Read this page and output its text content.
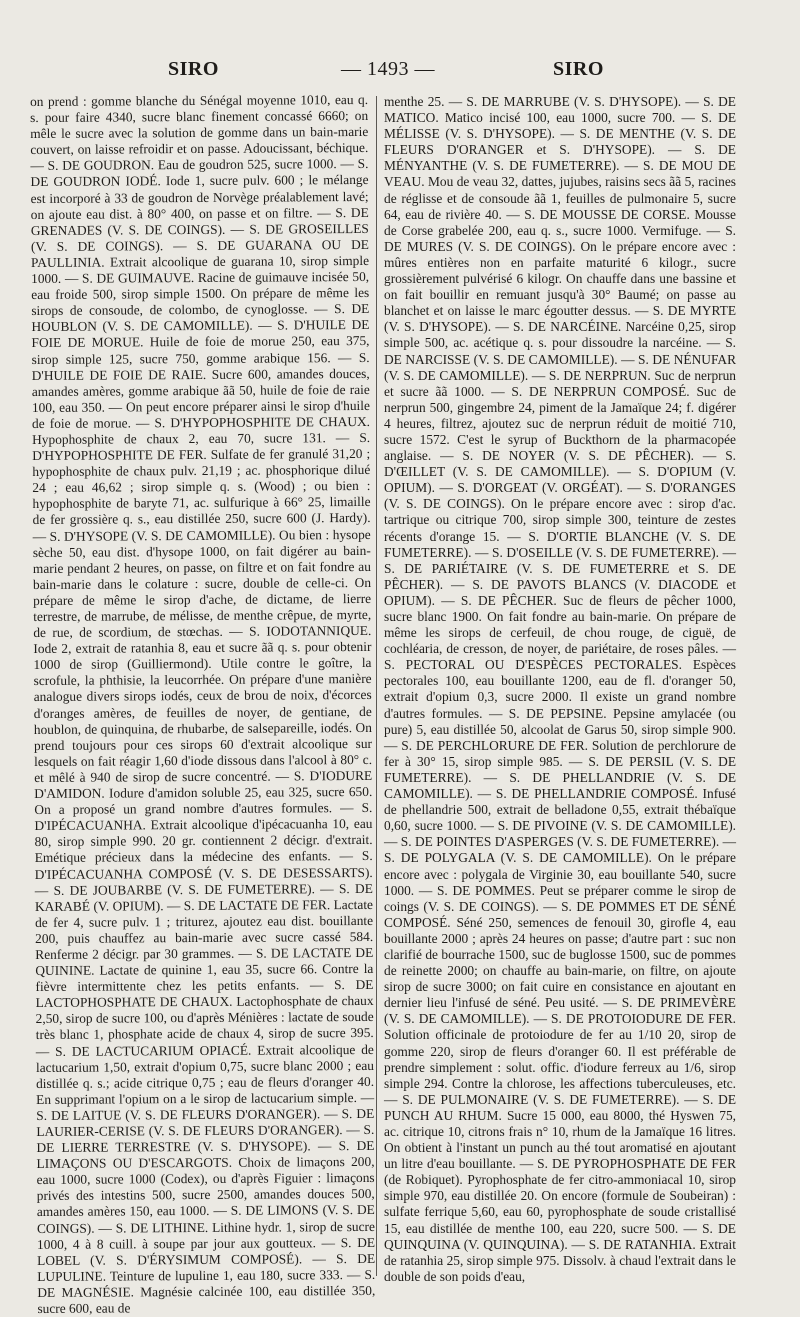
SIRO	— 1493 —	SIRO

on prend : gomme blanche du Sénégal moyenne 1010, eau q. s. pour faire 4340, sucre blanc finement concassé 6660; on mêle le sucre avec la solution de gomme dans un bain-marie couvert, on laisse refroidir et on passe. Adoucissant, béchique. — S. DE GOUDRON. Eau de goudron 525, sucre 1000. — S. DE GOUDRON IODÉ. Iode 1, sucre pulv. 600 ; le mélange est incorporé à 33 de goudron de Norvège préalablement lavé; on ajoute eau dist. à 80° 400, on passe et on filtre. — S. DE GRENADES (V. S. DE COINGS). — S. DE GROSEILLES (V. S. DE COINGS). — S. DE GUARANA OU DE PAULLINIA. Extrait alcoolique de guarana 10, sirop simple 1000. — S. DE GUIMAUVE. Racine de guimauve incisée 50, eau froide 500, sirop simple 1500. On prépare de même les sirops de consoude, de colombo, de cynoglosse. — S. DE HOUBLON (V. S. DE CAMOMILLE). — S. D'HUILE DE FOIE DE MORUE. Huile de foie de morue 250, eau 375, sirop simple 125, sucre 750, gomme arabique 156. — S. D'HUILE DE FOIE DE RAIE. Sucre 600, amandes douces, amandes amères, gomme arabique ãã 50, huile de foie de raie 100, eau 350. — On peut encore préparer ainsi le sirop d'huile de foie de morue. — S. D'HYPOPHOSPHITE DE CHAUX. Hypophosphite de chaux 2, eau 70, sucre 131. — S. D'HYPOPHOSPHITE DE FER. Sulfate de fer granulé 31,20 ; hypophosphite de chaux pulv. 21,19 ; ac. phosphorique dilué 24 ; eau 46,62 ; sirop simple q. s. (Wood) ; ou bien : hypophosphite de baryte 71, ac. sulfurique à 66° 25, limaille de fer grossière q. s., eau distillée 250, sucre 600 (J. Hardy). — S. D'HYSOPE (V. S. DE CAMOMILLE). Ou bien : hysope sèche 50, eau dist. d'hysope 1000, on fait digérer au bain-marie pendant 2 heures, on passe, on filtre et on fait fondre au bain-marie dans le colature : sucre, double de celle-ci. On prépare de même le sirop d'ache, de dictame, de lierre terrestre, de marrube, de mélisse, de menthe crêpue, de myrte, de rue, de scordium, de stœchas. — S. IODOTANNIQUE. Iode 2, extrait de ratanhia 8, eau et sucre ãã q. s. pour obtenir 1000 de sirop (Guilliermond). Utile contre le goître, la scrofule, la phthisie, la leucorrhée. On prépare d'une manière analogue divers sirops iodés, ceux de brou de noix, d'écorces d'oranges amères, de feuilles de noyer, de gentiane, de houblon, de quinquina, de rhubarbe, de salsepareille, iodés. On prend toujours pour ces sirops 60 d'extrait alcoolique sur lesquels on fait réagir 1,60 d'iode dissous dans l'alcool à 80° c. et mêlé à 940 de sirop de sucre concentré. — S. D'IODURE D'AMIDON. Iodure d'amidon soluble 25, eau 325, sucre 650. On a proposé un grand nombre d'autres formules. — S. D'IPÉCACUANHA. Extrait alcoolique d'ipécacuanha 10, eau 80, sirop simple 990. 20 gr. contiennent 2 décigr. d'extrait. Emétique précieux dans la médecine des enfants. — S. D'IPÉCACUANHA COMPOSÉ (V. S. DE DESESSARTS). — S. DE JOUBARBE (V. S. DE FUMETERRE). — S. DE KARABÉ (V. OPIUM). — S. DE LACTATE DE FER. Lactate de fer 4, sucre pulv. 1 ; triturez, ajoutez eau dist. bouillante 200, puis chauffez au bain-marie avec sucre cassé 584. Renferme 2 décigr. par 30 grammes. — S. DE LACTATE DE QUININE. Lactate de quinine 1, eau 35, sucre 66. Contre la fièvre intermittente chez les petits enfants. — S. DE LACTOPHOSPHATE DE CHAUX. Lactophosphate de chaux 2,50, sirop de sucre 100, ou d'après Ménières : lactate de soude très blanc 1, phosphate acide de chaux 4, sirop de sucre 395. — S. DE LACTUCARIUM OPIACÉ. Extrait alcoolique de lactucarium 1,50, extrait d'opium 0,75, sucre blanc 2000 ; eau distillée q. s.; acide citrique 0,75 ; eau de fleurs d'oranger 40. En supprimant l'opium on a le sirop de lactucarium simple. — S. DE LAITUE (V. S. DE FLEURS D'ORANGER). — S. DE LAURIER-CERISE (V. S. DE FLEURS D'ORANGER). — S. DE LIERRE TERRESTRE (V. S. D'HYSOPE). — S. DE LIMAÇONS OU D'ESCARGOTS. Choix de limaçons 200, eau 1000, sucre 1000 (Codex), ou d'après Figuier : limaçons privés des intestins 500, sucre 2500, amandes douces 500, amandes amères 150, eau 1000. — S. DE LIMONS (V. S. DE COINGS). — S. DE LITHINE. Lithine hydr. 1, sirop de sucre 1000, 4 à 8 cuill. à soupe par jour aux goutteux. — S. DE LOBEL (V. S. D'ÉRYSIMUM COMPOSÉ). — S. DE LUPULINE. Teinture de lupuline 1, eau 180, sucre 333. — S. DE MAGNÉSIE. Magnésie calcinée 100, eau distillée 350, sucre 600, eau de

menthe 25. — S. DE MARRUBE (V. S. D'HYSOPE). — S. DE MATICO. Matico incisé 100, eau 1000, sucre 700. — S. DE MÉLISSE (V. S. D'HYSOPE). — S. DE MENTHE (V. S. DE FLEURS D'ORANGER et S. D'HYSOPE). — S. DE MÉNYANTHE (V. S. DE FUMETERRE). — S. DE MOU DE VEAU. Mou de veau 32, dattes, jujubes, raisins secs ãã 5, racines de réglisse et de consoude ãã 1, feuilles de pulmonaire 5, sucre 64, eau de rivière 40. — S. DE MOUSSE DE CORSE. Mousse de Corse grabelée 200, eau q. s., sucre 1000. Vermifuge. — S. DE MURES (V. S. DE COINGS). On le prépare encore avec : mûres entières non en parfaite maturité 6 kilogr., sucre grossièrement pulvérisé 6 kilogr. On chauffe dans une bassine et on fait bouillir en remuant jusqu'à 30° Baumé; on passe au blanchet et on laisse le marc égoutter dessus. — S. DE MYRTE (V. S. D'HYSOPE). — S. DE NARCÉINE. Narcéine 0,25, sirop simple 500, ac. acétique q. s. pour dissoudre la narcéine. — S. DE NARCISSE (V. S. DE CAMOMILLE). — S. DE NÉNUFAR (V. S. DE CAMOMILLE). — S. DE NERPRUN. Suc de nerprun et sucre ãã 1000. — S. DE NERPRUN COMPOSÉ. Suc de nerprun 500, gingembre 24, piment de la Jamaïque 24; f. digérer 4 heures, filtrez, ajoutez suc de nerprun réduit de moitié 710, sucre 1572. C'est le syrup of Buckthorn de la pharmacopée anglaise. — S. DE NOYER (V. S. DE PÊCHER). — S. D'ŒILLET (V. S. DE CAMOMILLE). — S. D'OPIUM (V. OPIUM). — S. D'ORGEAT (V. ORGÉAT). — S. D'ORANGES (V. S. DE COINGS). On le prépare encore avec : sirop d'ac. tartrique ou citrique 700, sirop simple 300, teinture de zestes récents d'orange 15. — S. D'ORTIE BLANCHE (V. S. DE FUMETERRE). — S. D'OSEILLE (V. S. DE FUMETERRE). — S. DE PARIÉTAIRE (V. S. DE FUMETERRE et S. DE PÊCHER). — S. DE PAVOTS BLANCS (V. DIACODE et OPIUM). — S. DE PÊCHER. Suc de fleurs de pêcher 1000, sucre blanc 1900. On fait fondre au bain-marie. On prépare de même les sirops de cerfeuil, de chou rouge, de ciguë, de cochléaria, de cresson, de noyer, de pariétaire, de roses pâles. — S. PECTORAL OU D'ESPÈCES PECTORALES. Espèces pectorales 100, eau bouillante 1200, eau de fl. d'oranger 50, extrait d'opium 0,3, sucre 2000. Il existe un grand nombre d'autres formules. — S. DE PEPSINE. Pepsine amylacée (ou pure) 5, eau distillée 50, alcoolat de Garus 50, sirop simple 900. — S. DE PERCHLORURE DE FER. Solution de perchlorure de fer à 30° 15, sirop simple 985. — S. DE PERSIL (V. S. DE FUMETERRE). — S. DE PHELLANDRIE (V. S. DE CAMOMILLE). — S. DE PHELLANDRIE COMPOSÉ. Infusé de phellandrie 500, extrait de belladone 0,55, extrait thébaïque 0,60, sucre 1000. — S. DE PIVOINE (V. S. DE CAMOMILLE). — S. DE POINTES D'ASPERGES (V. S. DE FUMETERRE). — S. DE POLYGALA (V. S. DE CAMOMILLE). On le prépare encore avec : polygala de Virginie 30, eau bouillante 540, sucre 1000. — S. DE POMMES. Peut se préparer comme le sirop de coings (V. S. DE COINGS). — S. DE POMMES ET DE SÉNÉ COMPOSÉ. Séné 250, semences de fenouil 30, girofle 4, eau bouillante 2000 ; après 24 heures on passe; d'autre part : suc non clarifié de bourrache 1500, suc de buglosse 1500, suc de pommes de reinette 2000; on chauffe au bain-marie, on filtre, on ajoute sirop de sucre 3000; on fait cuire en consistance en ajoutant en dernier lieu l'infusé de séné. Peu usité. — S. DE PRIMEVÈRE (V. S. DE CAMOMILLE). — S. DE PROTOIODURE DE FER. Solution officinale de protoiodure de fer au 1/10 20, sirop de gomme 220, sirop de fleurs d'oranger 60. Il est préférable de prendre simplement : solut. offic. d'iodure ferreux au 1/6, sirop simple 294. Contre la chlorose, les affections tuberculeuses, etc. — S. DE PULMONAIRE (V. S. DE FUMETERRE). — S. DE PUNCH AU RHUM. Sucre 15 000, eau 8000, thé Hyswen 75, ac. citrique 10, citrons frais n° 10, rhum de la Jamaïque 16 litres. On obtient à l'instant un punch au thé tout aromatisé en ajoutant un litre d'eau bouillante. — S. DE PYROPHOSPHATE DE FER (de Robiquet). Pyrophosphate de fer citro-ammoniacal 10, sirop simple 970, eau distillée 20. On encore (formule de Soubeiran) : sulfate ferrique 5,60, eau 60, pyrophosphate de soude cristallisé 15, eau distillée de menthe 100, eau 220, sucre 500. — S. DE QUINQUINA (V. QUINQUINA). — S. DE RATANHIA. Extrait de ratanhia 25, sirop simple 975. Dissolv. à chaud l'extrait dans le double de son poids d'eau,
